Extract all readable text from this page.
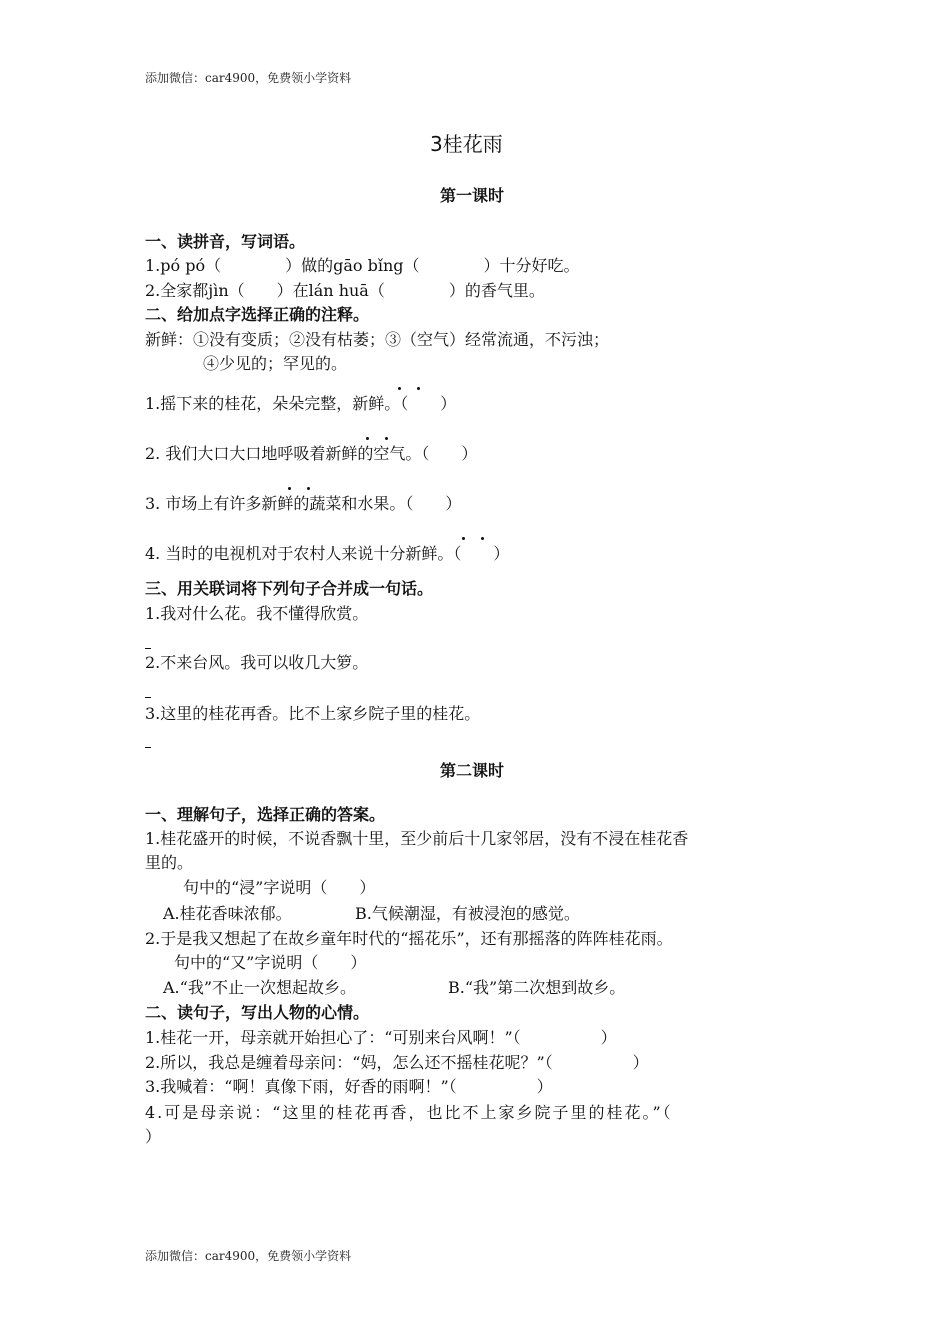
添加微信：car4900，免费领小学资料
3桂花雨
第一课时
一、读拼音，写词语。
1.pó pó（　　　　）做的gāo bǐng（　　　　）十分好吃。
2.全家都jìn（　　）在lán huā（　　　　）的香气里。
二、给加点字选择正确的注释。
新鲜：①没有变质；②没有枯萎；③（空气）经常流通，不污浊；
④少见的；罕见的。
1.摇下来的桂花，朵朵完整，新鲜。（　　）
2. 我们大口大口地呼吸着新鲜的空气。（　　）
3. 市场上有许多新鲜的蔬菜和水果。（　　）
4. 当时的电视机对于农村人来说十分新鲜。（　　）
三、用关联词将下列句子合并成一句话。
1.我对什么花。我不懂得欣赏。
2.不来台风。我可以收几大箩。
3.这里的桂花再香。比不上家乡院子里的桂花。
第二课时
一、理解句子，选择正确的答案。
1.桂花盛开的时候，不说香飘十里，至少前后十几家邻居，没有不浸在桂花香
里的。
句中的“浸”字说明（　　）
A.桂花香味浓郁。	B.气候潮湿，有被浸泡的感觉。
2.于是我又想起了在故乡童年时代的“摇花乐”，还有那摇落的阵阵桂花雨。
句中的“又”字说明（　　）
A.“我”不止一次想起故乡。	B.“我”第二次想到故乡。
二、读句子，写出人物的心情。
1.桂花一开，母亲就开始担心了：“可别来台风啊！”（　　　　　）
2.所以，我总是缠着母亲问：“妈，怎么还不摇桂花呢？”（　　　　　）
3.我喊着：“啊！真像下雨，好香的雨啊！”（　　　　　）
4.可是母亲说：“这里的桂花再香，也比不上家乡院子里的桂花。”（
）
添加微信：car4900，免费领小学资料
